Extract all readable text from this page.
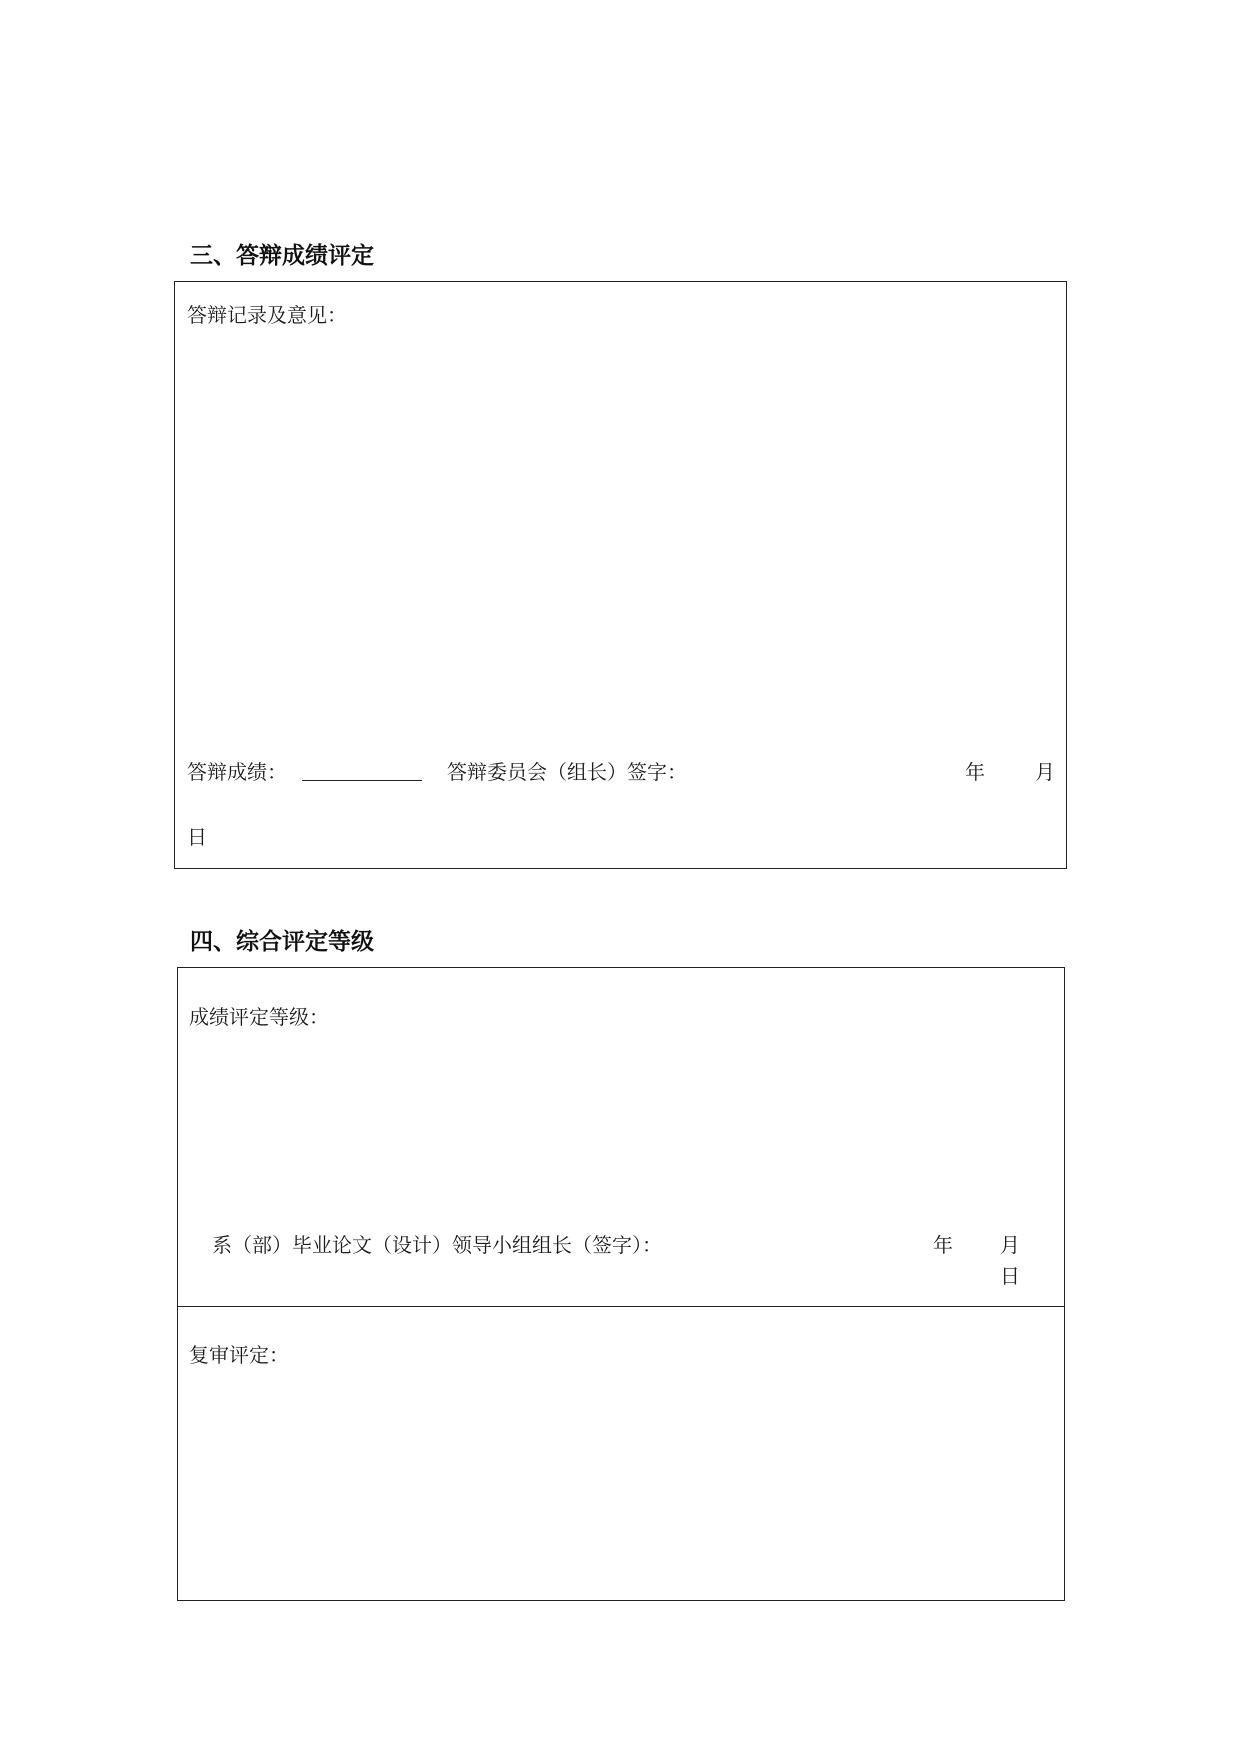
三、答辩成绩评定
答辩记录及意见：
答辩成绩：	答辩委员会（组长）签字：	年	月
日
四、综合评定等级
成绩评定等级：
系（部）毕业论文（设计）领导小组组长（签字）：	年 月
日
复审评定：
